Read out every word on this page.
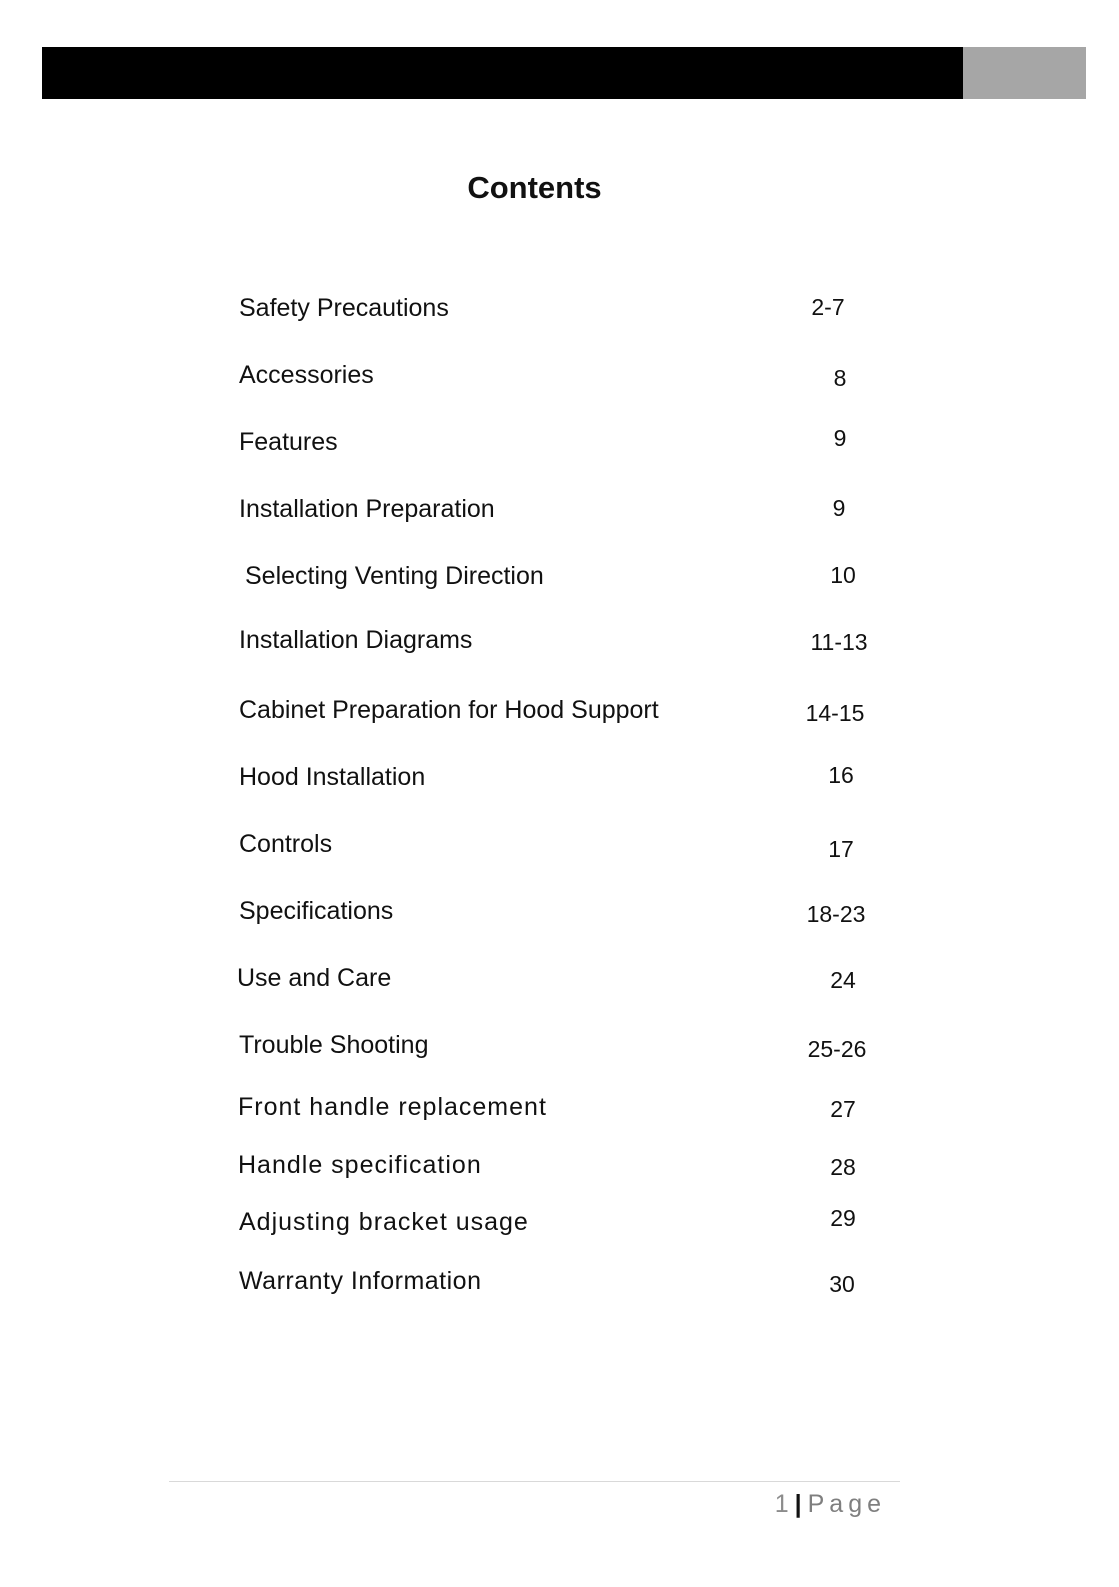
Contents
Safety Precautions	2-7
Accessories	8
Features	9
Installation Preparation	9
Selecting Venting Direction	10
Installation Diagrams	11-13
Cabinet Preparation for Hood Support	14-15
Hood Installation	16
Controls	17
Specifications	18-23
Use and Care	24
Trouble Shooting	25-26
Front handle replacement	27
Handle specification	28
Adjusting bracket usage	29
Warranty Information	30
1 | Page
